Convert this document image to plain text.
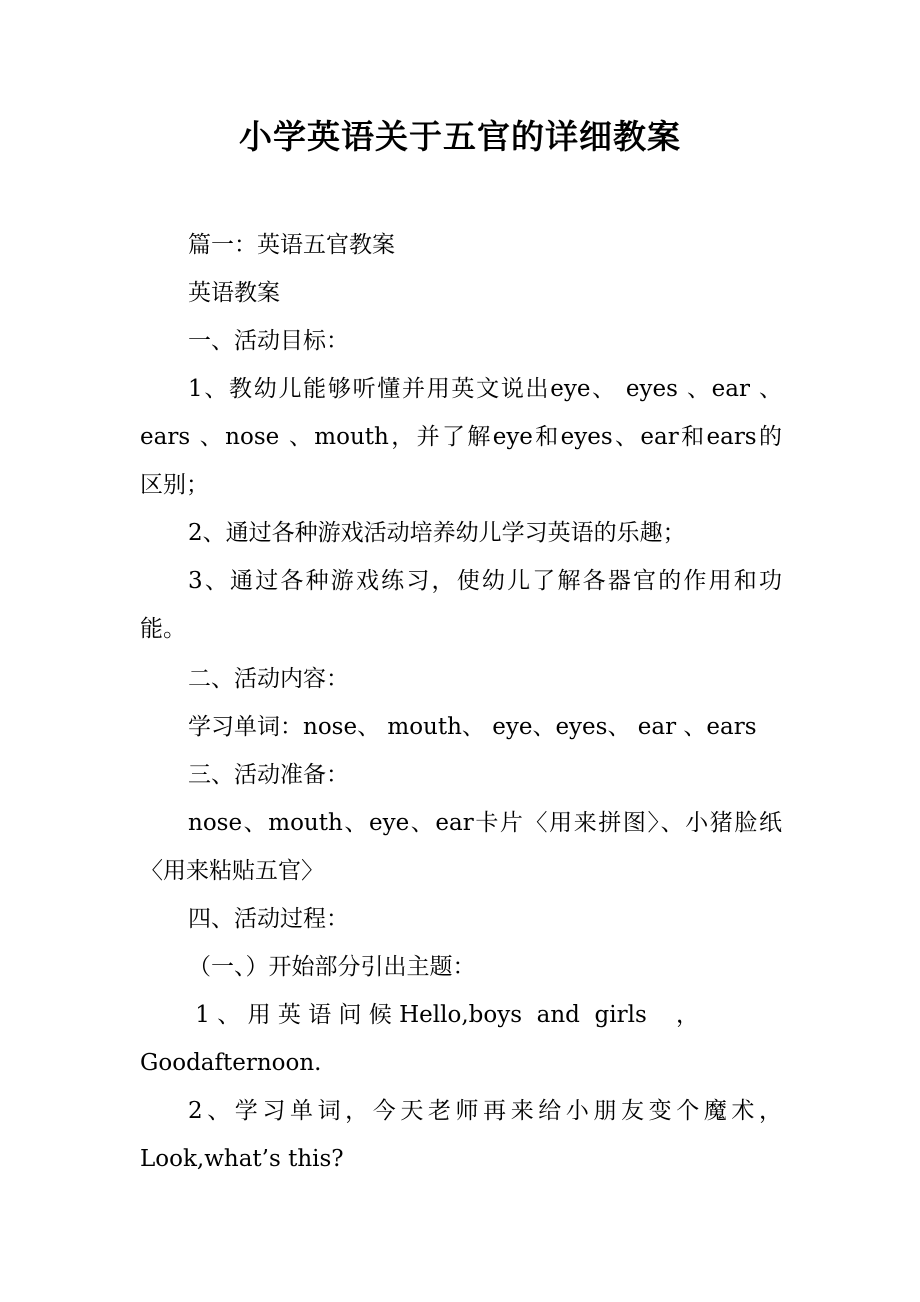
小学英语关于五官的详细教案
篇一：英语五官教案
英语教案
一、活动目标：
1、教幼儿能够听懂并用英文说出eye、 eyes 、ear 、
ears 、nose 、mouth，并了解eye和eyes、ear和ears的
区别；
2、通过各种游戏活动培养幼儿学习英语的乐趣；
3、通过各种游戏练习，使幼儿了解各器官的作用和功
能。
二、活动内容：
学习单词：nose、 mouth、 eye、eyes、 ear 、ears
三、活动准备：
nose、mouth、eye、ear卡片〈用来拼图〉、小猪脸纸
〈用来粘贴五官〉
四、活动过程：
（一、）开始部分引出主题：
1 、 用 英 语 问 候 Hello,boys  and  girls    ，
Goodafternoon.
2、学习单词，今天老师再来给小朋友变个魔术，
Look,what’s this?
